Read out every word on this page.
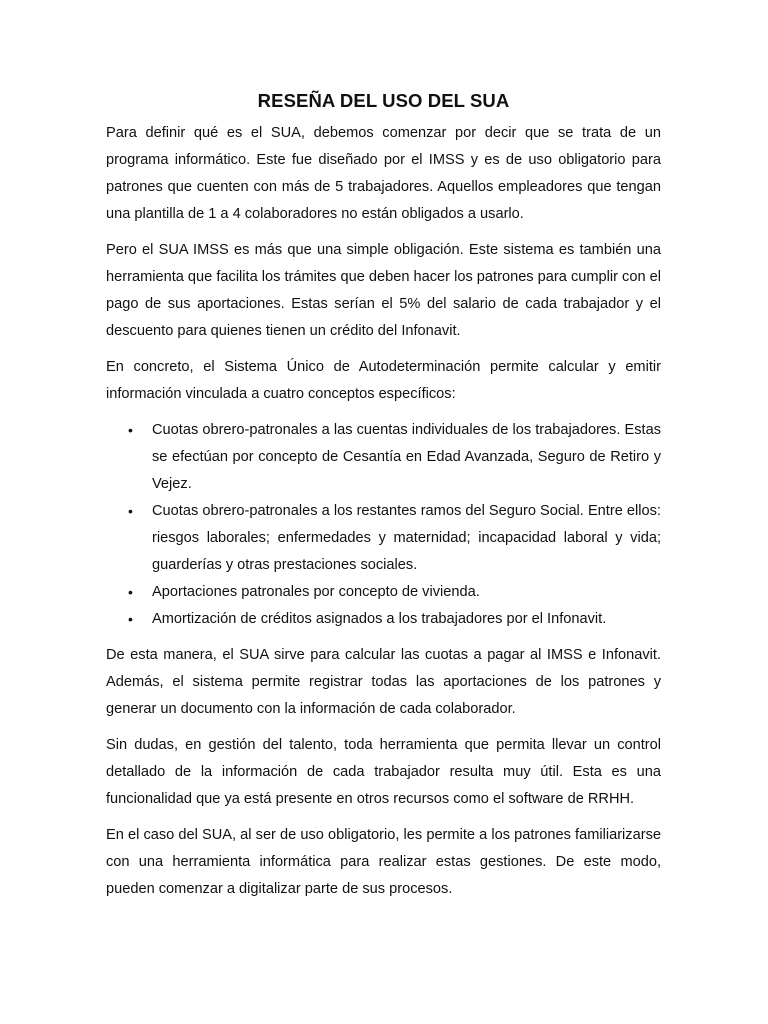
RESEÑA DEL USO DEL SUA

Para definir qué es el SUA, debemos comenzar por decir que se trata de un programa informático. Este fue diseñado por el IMSS y es de uso obligatorio para patrones que cuenten con más de 5 trabajadores. Aquellos empleadores que tengan una plantilla de 1 a 4 colaboradores no están obligados a usarlo.

Pero el SUA IMSS es más que una simple obligación. Este sistema es también una herramienta que facilita los trámites que deben hacer los patrones para cumplir con el pago de sus aportaciones. Estas serían el 5% del salario de cada trabajador y el descuento para quienes tienen un crédito del Infonavit.

En concreto, el Sistema Único de Autodeterminación permite calcular y emitir información vinculada a cuatro conceptos específicos:

• Cuotas obrero-patronales a las cuentas individuales de los trabajadores. Estas se efectúan por concepto de Cesantía en Edad Avanzada, Seguro de Retiro y Vejez.
• Cuotas obrero-patronales a los restantes ramos del Seguro Social. Entre ellos: riesgos laborales; enfermedades y maternidad; incapacidad laboral y vida; guarderías y otras prestaciones sociales.
• Aportaciones patronales por concepto de vivienda.
• Amortización de créditos asignados a los trabajadores por el Infonavit.

De esta manera, el SUA sirve para calcular las cuotas a pagar al IMSS e Infonavit. Además, el sistema permite registrar todas las aportaciones de los patrones y generar un documento con la información de cada colaborador.

Sin dudas, en gestión del talento, toda herramienta que permita llevar un control detallado de la información de cada trabajador resulta muy útil. Esta es una funcionalidad que ya está presente en otros recursos como el software de RRHH.

En el caso del SUA, al ser de uso obligatorio, les permite a los patrones familiarizarse con una herramienta informática para realizar estas gestiones. De este modo, pueden comenzar a digitalizar parte de sus procesos.
